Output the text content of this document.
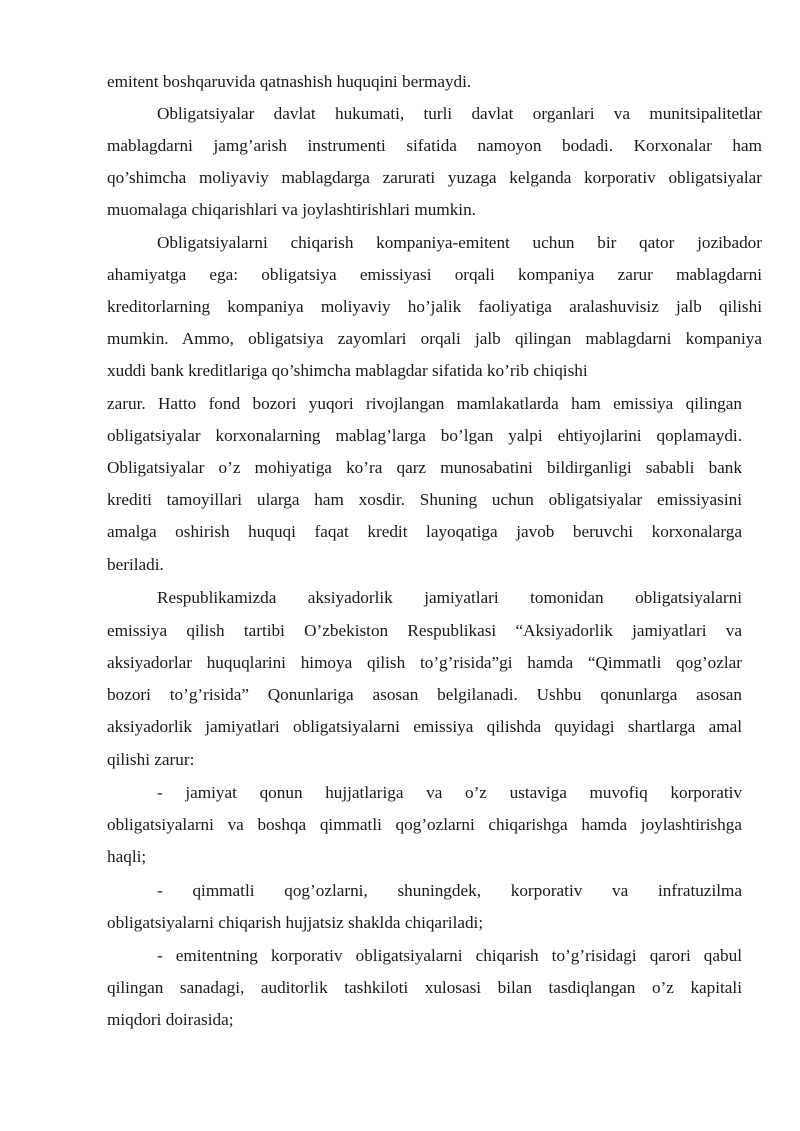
emitent boshqaruvida qatnashish huquqini bermaydi.
Obligatsiyalar davlat hukumati, turli davlat organlari va munitsipalitetlar
mablagdarni jamg’arish instrumenti sifatida namoyon bodadi. Korxonalar ham
qo’shimcha moliyaviy mablagdarga zarurati yuzaga kelganda korporativ obligatsiyalar
muomalaga chiqarishlari va joylashtirishlari mumkin.
Obligatsiyalarni chiqarish kompaniya-emitent uchun bir qator jozibador
ahamiyatga ega: obligatsiya emissiyasi orqali kompaniya zarur mablagdarni
kreditorlarning kompaniya moliyaviy ho’jalik faoliyatiga aralashuvisiz jalb qilishi
mumkin. Ammo, obligatsiya zayomlari orqali jalb qilingan mablagdarni kompaniya
xuddi bank kreditlariga qo’shimcha mablagdar sifatida ko’rib chiqishi
zarur. Hatto fond bozori yuqori rivojlangan mamlakatlarda ham emissiya qilingan
obligatsiyalar korxonalarning mablag’larga bo’lgan yalpi ehtiyojlarini qoplamaydi.
Obligatsiyalar o’z mohiyatiga ko’ra qarz munosabatini bildirganligi sababli bank
krediti tamoyillari ularga ham xosdir. Shuning uchun obligatsiyalar emissiyasini
amalga oshirish huquqi faqat kredit layoqatiga javob beruvchi korxonalarga
beriladi.
Respublikamizda aksiyadorlik jamiyatlari tomonidan obligatsiyalarni
emissiya qilish tartibi O’zbekiston Respublikasi “Aksiyadorlik jamiyatlari va
aksiyadorlar huquqlarini himoya qilish to’g’risida”gi hamda “Qimmatli qog’ozlar
bozori to’g’risida” Qonunlariga asosan belgilanadi. Ushbu qonunlarga asosan
aksiyadorlik jamiyatlari obligatsiyalarni emissiya qilishda quyidagi shartlarga amal
qilishi zarur:
- jamiyat qonun hujjatlariga va o’z ustaviga muvofiq korporativ
obligatsiyalarni va boshqa qimmatli qog’ozlarni chiqarishga hamda joylashtirishga
haqli;
- qimmatli qog’ozlarni, shuningdek, korporativ va infratuzilma
obligatsiyalarni chiqarish hujjatsiz shaklda chiqariladi;
- emitentning korporativ obligatsiyalarni chiqarish to’g’risidagi qarori qabul
qilingan sanadagi, auditorlik tashkiloti xulosasi bilan tasdiqlangan o’z kapitali
miqdori doirasida;
